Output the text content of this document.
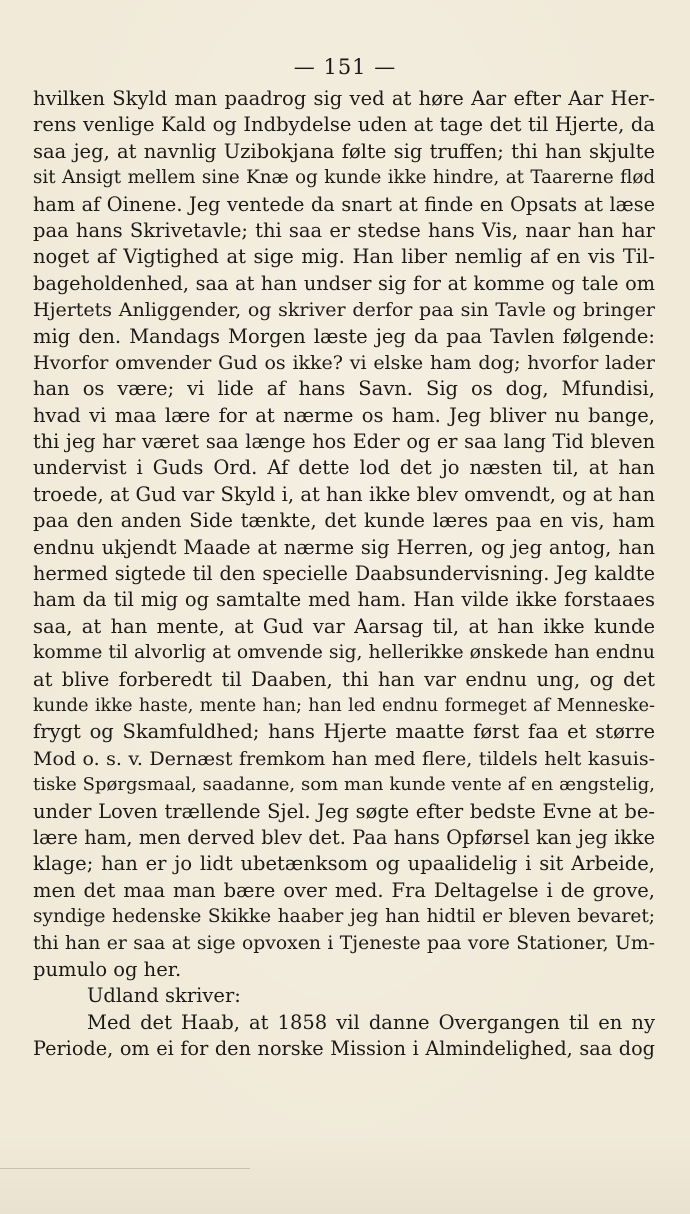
— 151 —
hvilken Skyld man paadrog sig ved at høre Aar efter Aar Her-
rens venlige Kald og Indbydelse uden at tage det til Hjerte, da
saa jeg, at navnlig Uzibokjana følte sig truffen; thi han skjulte
sit Ansigt mellem sine Knæ og kunde ikke hindre, at Taarerne flød
ham af Oinene. Jeg ventede da snart at finde en Opsats at læse
paa hans Skrivetavle; thi saa er stedse hans Vis, naar han har
noget af Vigtighed at sige mig. Han liber nemlig af en vis Til-
bageholdenhed, saa at han undser sig for at komme og tale om
Hjertets Anliggender, og skriver derfor paa sin Tavle og bringer
mig den. Mandags Morgen læste jeg da paa Tavlen følgende:
Hvorfor omvender Gud os ikke? vi elske ham dog; hvorfor lader
han os være; vi lide af hans Savn. Sig os dog, Mfundisi,
hvad vi maa lære for at nærme os ham. Jeg bliver nu bange,
thi jeg har været saa længe hos Eder og er saa lang Tid bleven
undervist i Guds Ord. Af dette lod det jo næsten til, at han
troede, at Gud var Skyld i, at han ikke blev omvendt, og at han
paa den anden Side tænkte, det kunde læres paa en vis, ham
endnu ukjendt Maade at nærme sig Herren, og jeg antog, han
hermed sigtede til den specielle Daabsundervisning. Jeg kaldte
ham da til mig og samtalte med ham. Han vilde ikke forstaaes
saa, at han mente, at Gud var Aarsag til, at han ikke kunde
komme til alvorlig at omvende sig, hellerikke ønskede han endnu
at blive forberedt til Daaben, thi han var endnu ung, og det
kunde ikke haste, mente han; han led endnu formeget af Menneske-
frygt og Skamfuldhed; hans Hjerte maatte først faa et større
Mod o. s. v. Dernæst fremkom han med flere, tildels helt kasuis-
tiske Spørgsmaal, saadanne, som man kunde vente af en ængstelig,
under Loven trællende Sjel. Jeg søgte efter bedste Evne at be-
lære ham, men derved blev det. Paa hans Opførsel kan jeg ikke
klage; han er jo lidt ubetænksom og upaalidelig i sit Arbeide,
men det maa man bære over med. Fra Deltagelse i de grove,
syndige hedenske Skikke haaber jeg han hidtil er bleven bevaret;
thi han er saa at sige opvoxen i Tjeneste paa vore Stationer, Um-
pumulo og her.
Udland skriver:
Med det Haab, at 1858 vil danne Overgangen til en ny
Periode, om ei for den norske Mission i Almindelighed, saa dog
